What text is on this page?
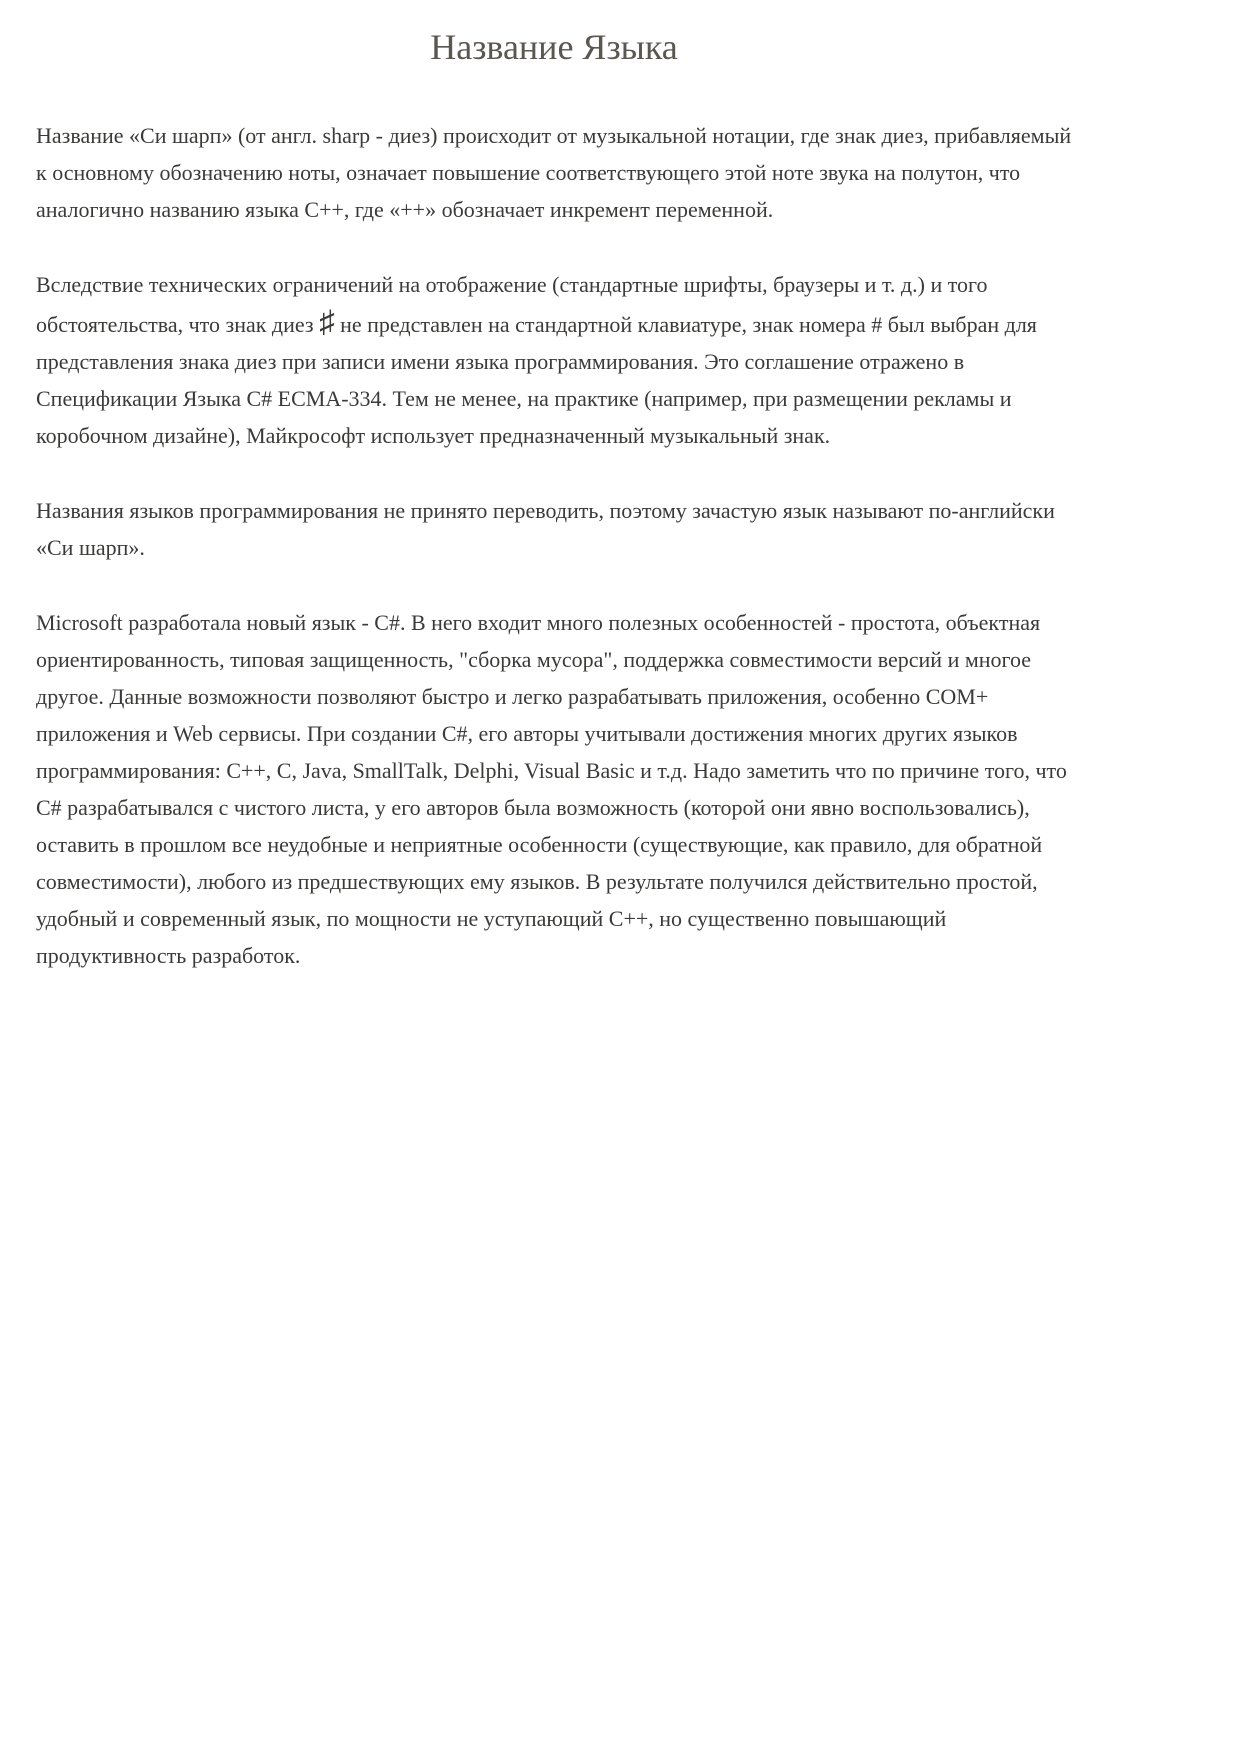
Название Языка

Название «Си шарп» (от англ. sharp - диез) происходит от музыкальной нотации, где знак диез, прибавляемый к основному обозначению ноты, означает повышение соответствующего этой ноте звука на полутон, что аналогично названию языка C++, где «++» обозначает инкремент переменной.

Вследствие технических ограничений на отображение (стандартные шрифты, браузеры и т. д.) и того обстоятельства, что знак диез ♯ не представлен на стандартной клавиатуре, знак номера # был выбран для представления знака диез при записи имени языка программирования. Это соглашение отражено в Спецификации Языка C# ECMA-334. Тем не менее, на практике (например, при размещении рекламы и коробочном дизайне), Майкрософт использует предназначенный музыкальный знак.

Названия языков программирования не принято переводить, поэтому зачастую язык называют по-английски «Си шарп».

Microsoft разработала новый язык - C#. В него входит много полезных особенностей - простота, объектная ориентированность, типовая защищенность, "сборка мусора", поддержка совместимости версий и многое другое. Данные возможности позволяют быстро и легко разрабатывать приложения, особенно COM+ приложения и Web сервисы. При создании C#, его авторы учитывали достижения многих других языков программирования: C++, C, Java, SmallTalk, Delphi, Visual Basic и т.д. Надо заметить что по причине того, что C# разрабатывался с чистого листа, у его авторов была возможность (которой они явно воспользовались), оставить в прошлом все неудобные и неприятные особенности (существующие, как правило, для обратной совместимости), любого из предшествующих ему языков. В результате получился действительно простой, удобный и современный язык, по мощности не уступающий C++, но существенно повышающий продуктивность разработок.
